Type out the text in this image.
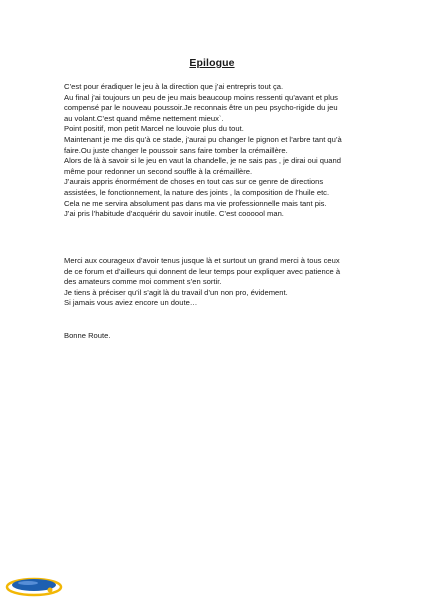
Epilogue
C’est pour éradiquer le jeu à la direction que j’ai entrepris tout ça.
Au final j’ai toujours un peu de jeu mais beaucoup moins ressenti qu’avant et plus
compensé par le nouveau poussoir.Je reconnais être un peu psycho-rigide du jeu
au volant.C’est quand même nettement mieux`.
Point positif, mon petit Marcel ne louvoie plus du tout.
Maintenant je me dis qu’à ce stade, j’aurai pu changer le pignon et l’arbre tant qu’à
faire.Ou juste changer le poussoir sans faire tomber la crémaillère.
Alors de là à savoir si le jeu en vaut la chandelle, je ne sais pas , je dirai oui quand
même pour redonner un second souffle à la crémaillère.
J’aurais appris énormément de choses en tout cas sur ce genre de directions
assistées, le fonctionnement, la nature des joints , la composition de l’huile etc.
Cela ne me servira absolument pas dans ma vie professionnelle mais tant pis.
J’ai pris l’habitude d’acquérir du savoir inutile. C’est coooool man.
Merci aux courageux d’avoir tenus jusque là et surtout un grand merci à tous ceux
de ce forum et d’ailleurs qui donnent de leur temps pour expliquer avec patience à
des amateurs comme moi comment s’en sortir.
Je tiens à préciser qu’il s’agit là du travail d’un non pro, évidement.
Si jamais vous aviez encore un doute…
Bonne Route.
